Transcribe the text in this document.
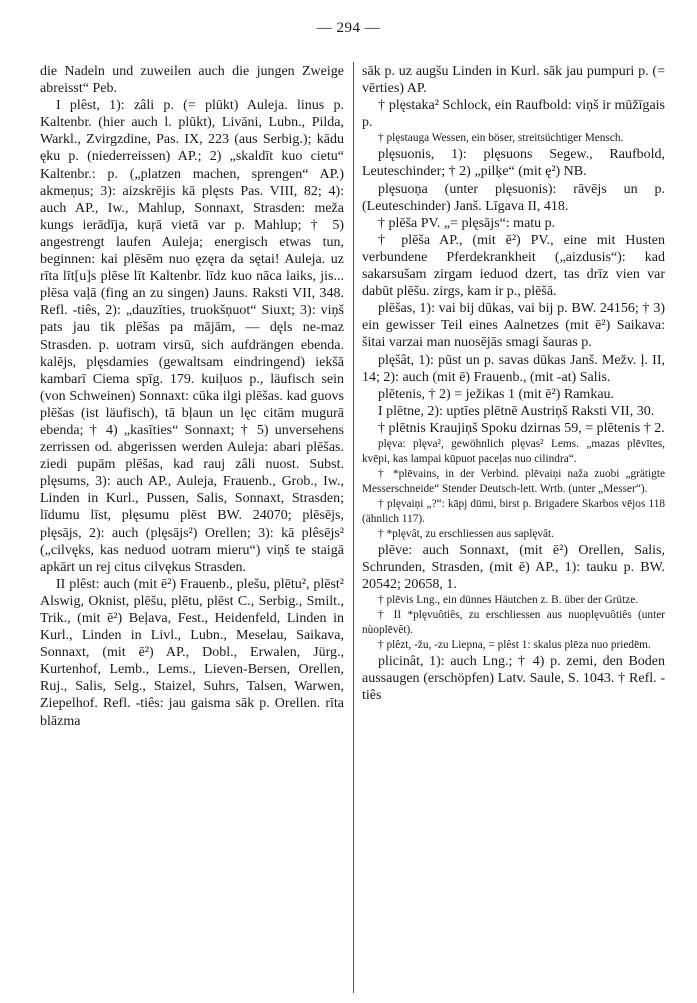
— 294 —

die Nadeln und zuweilen auch die jungen Zweige abreisst“ Peb.

I plêst, 1): zâli p. (= plūkt) Auleja. linus p. Kaltenbr. (hier auch l. plūkt), Livāni, Lubn., Pilda, Warkl., Zvirgzdine, Pas. IX, 223 (aus Serbig.); kādu ęku p. (niederreissen) AP.; 2) „skaldīt kuo cietu“ Kaltenbr.: p. („platzen machen, sprengen“ AP.) akmeņus; 3): aizskrējis kā plęsts Pas. VIII, 82; 4): auch AP., Iw., Mahlup, Sonnaxt, Strasden: meža kungs ierādīja, kuŗā vietā var p. Mahlup; † 5) angestrengt laufen Auleja; energisch etwas tun, beginnen: kai plēsēm nuo ęzęra da sętai! Auleja. uz rīta līt[u]s plēse līt Kaltenbr. līdz kuo nāca laiks, jis... plēsa vaļā (fing an zu singen) Jauns. Raksti VII, 348. Refl. -tiês, 2): „dauzīties, truokšņuot“ Siuxt; 3): viņš pats jau tik plēšas pa mājām, — dęls ne-maz Strasden. p. uotram virsū, sich aufdrängen ebenda. kalējs, plęsdamies (gewaltsam eindringend) iekšā kambarī Ciema spīg. 179. kuiļuos p., läufisch sein (von Schweinen) Sonnaxt: cūka ilgi plēšas. kad guovs plēšas (ist läufisch), tā bļaun un lęc citām mugurā ebenda; † 4) „kasīties“ Sonnaxt; † 5) unversehens zerrissen od. abgerissen werden Auleja: abari plēšas. ziedi pupām plēšas, kad rauj zâli nuost. Subst. plęsums, 3): auch AP., Auleja, Frauenb., Grob., Iw., Linden in Kurl., Pussen, Salis, Sonnaxt, Strasden; līdumu līst, plęsumu plēst BW. 24070; plēsējs, plęsājs, 2): auch (plęsājs²) Orellen; 3): kā plêsējs² („cilvęks, kas neduod uotram mieru“) viņš te staigā apkārt un rej citus cilvękus Strasden.

II plêst: auch (mit ē²) Frauenb., plešu, plētu², plēst² Alswig, Oknist, plēšu, plētu, plēst C., Serbig., Smilt., Trik., (mit ē²) Beļava, Fest., Heidenfeld, Linden in Kurl., Linden in Livl., Lubn., Meselau, Saikava, Sonnaxt, (mit ē²) AP., Dobl., Erwalen, Jürg., Kurtenhof, Lemb., Lems., Lieven-Bersen, Orellen, Ruj., Salis, Selg., Staizel, Suhrs, Talsen, Warwen, Ziepelhof. Refl. -tiês: jau gaisma sāk p. Orellen. rīta blāzma

sāk p. uz augšu Linden in Kurl. sāk jau pumpuri p. (= vērties) AP.

† plęstaka² Schlock, ein Raufbold: viņš ir mūžīgais p.

† plęstauga Wessen, ein böser, streitsüchtiger Mensch.

plęsuonis, 1): plęsuons Segew., Raufbold, Leuteschinder; † 2) „pilķe“ (mit ę²) NB.

plęsuoņa (unter plęsuonis): rāvējs un p. (Leuteschinder) Janš. Līgava II, 418.

† plēša PV. „= plęsājs“: matu p.

† plēša AP., (mit ē²) PV., eine mit Husten verbundene Pferdekrankheit („aizdusis“): kad sakarsušam zirgam ieduod dzert, tas drīz vien var dabūt plēšu. zirgs, kam ir p., plēšā.

plēšas, 1): vai bij dūkas, vai bij p. BW. 24156; † 3) ein gewisser Teil eines Aalnetzes (mit ē²) Saikava: šitai varzai man nuosējās smagi šauras p.

plęšât, 1): pūst un p. savas dūkas Janš. Mežv. ļ. II, 14; 2): auch (mit ē) Frauenb., (mit -at) Salis.

plētenis, † 2) = ježikas 1 (mit ē²) Ramkau.

I plētne, 2): uptīes plētnē Austriņš Raksti VII, 30.

† plētnis Kraujiņš Spoku dzirnas 59, = plētenis † 2.

plęva: plęva², gewöhnlich plęvas² Lems. „mazas plēvītes, kvēpi, kas lampai kūpuot paceļas nuo cilindra“.

† *plēvains, in der Verbind. plēvaiņi naža zuobi „grätigte Messerschneide“ Stender Deutsch-lett. Wrtb. (unter „Messer“).

† plęvaiņi „?“: kāpj dūmi, birst p. Brigadere Skarbos vējos 118 (ähnlich 117).

† *plęvât, zu erschliessen aus saplęvât.

plēve: auch Sonnaxt, (mit ē²) Orellen, Salis, Schrunden, Strasden, (mit ē) AP., 1): tauku p. BW. 20542; 20658, 1.

† plēvis Lng., ein dünnes Häutchen z. B. über der Grütze.

† II *plęvuôtiês, zu erschliessen aus nuoplęvuôtiês (unter nùoplēvêt).

† plêzt, -žu, -zu Liepna, = plêst 1: skalus plēza nuo priedēm.

plicinât, 1): auch Lng.; † 4) p. zemi, den Boden aussaugen (erschöpfen) Latv. Saule, S. 1043. † Refl. -tiês
